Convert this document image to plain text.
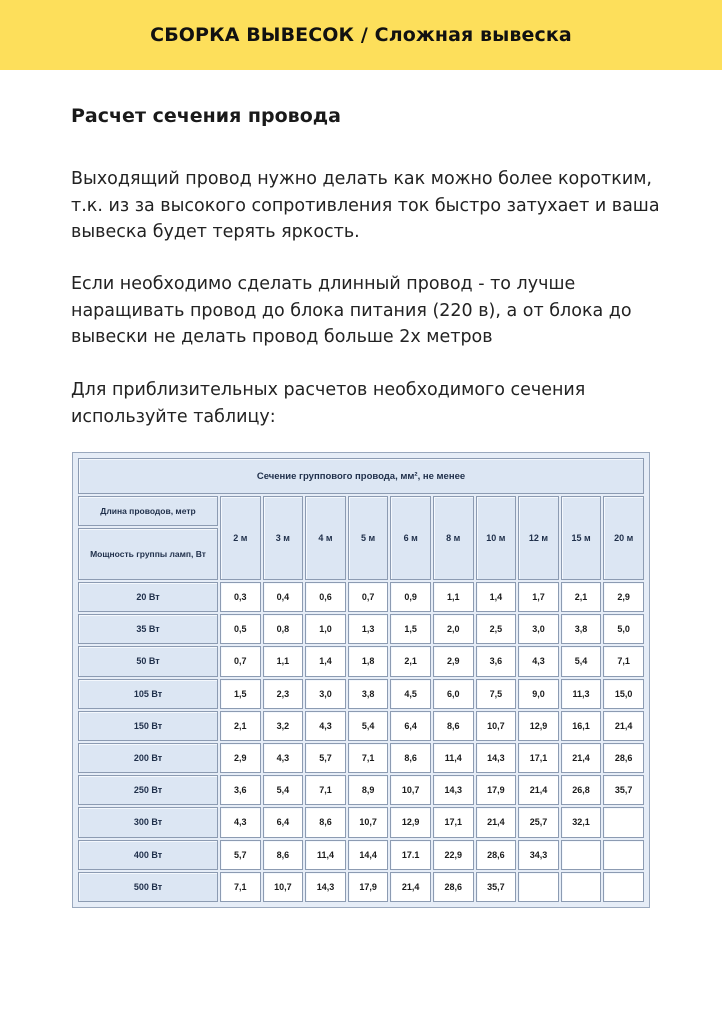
СБОРКА ВЫВЕСОК / Сложная вывеска
Расчет сечения провода

Выходящий провод нужно делать как можно более коротким, т.к. из за высокого сопротивления ток быстро затухает и ваша вывеска будет терять яркость.

Если необходимо сделать длинный провод - то лучше наращивать провод до блока питания (220 в), а от блока до вывески не делать провод больше 2х метров

Для приблизительных расчетов необходимого сечения используйте таблицу:

Сечение группового провода, мм², не менее										
Длина проводов, метр	2 м	3 м	4 м	5 м	6 м	8 м	10 м	12 м	15 м	20 м
Мощность группы ламп, Вт										
20 Вт	0,3	0,4	0,6	0,7	0,9	1,1	1,4	1,7	2,1	2,9
35 Вт	0,5	0,8	1,0	1,3	1,5	2,0	2,5	3,0	3,8	5,0
50 Вт	0,7	1,1	1,4	1,8	2,1	2,9	3,6	4,3	5,4	7,1
105 Вт	1,5	2,3	3,0	3,8	4,5	6,0	7,5	9,0	11,3	15,0
150 Вт	2,1	3,2	4,3	5,4	6,4	8,6	10,7	12,9	16,1	21,4
200 Вт	2,9	4,3	5,7	7,1	8,6	11,4	14,3	17,1	21,4	28,6
250 Вт	3,6	5,4	7,1	8,9	10,7	14,3	17,9	21,4	26,8	35,7
300 Вт	4,3	6,4	8,6	10,7	12,9	17,1	21,4	25,7	32,1	
400 Вт	5,7	8,6	11,4	14,4	17.1	22,9	28,6	34,3		
500 Вт	7,1	10,7	14,3	17,9	21,4	28,6	35,7			
